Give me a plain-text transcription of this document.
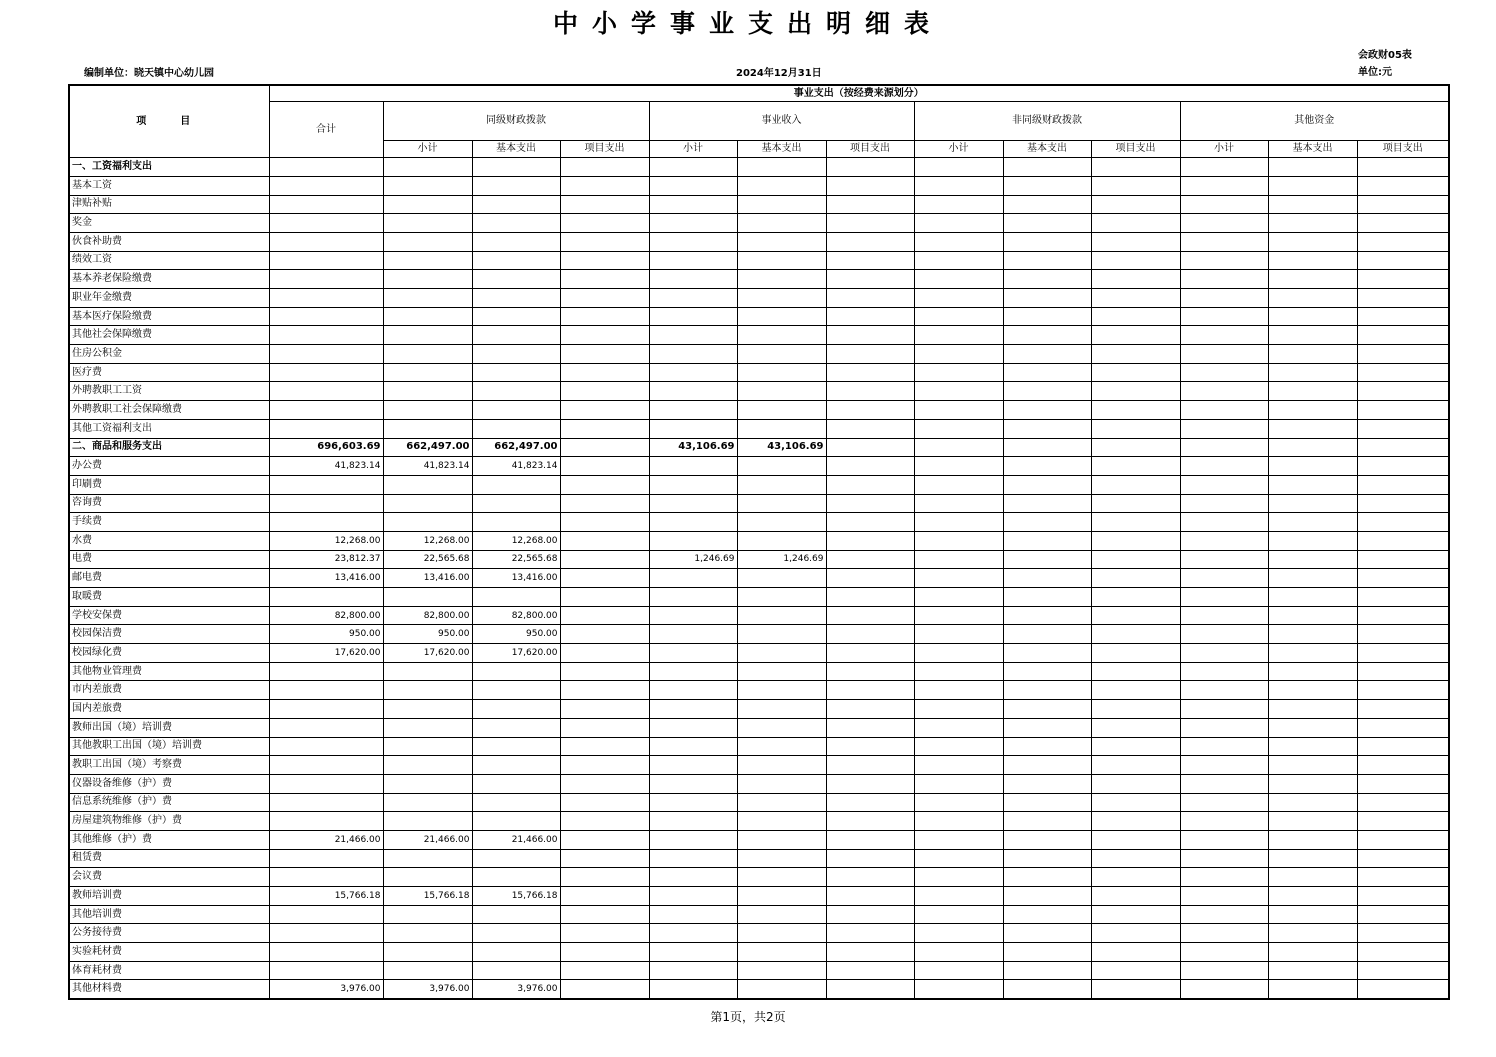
中小学事业支出明细表
会政财05表
编制单位：晓天镇中心幼儿园	2024年12月31日	单位:元
项　目	事业支出（按经费来源划分）												
	合计	同级财政拨款			事业收入			非同级财政拨款			其他资金		
		小计	基本支出	项目支出	小计	基本支出	项目支出	小计	基本支出	项目支出	小计	基本支出	项目支出
一、工资福利支出													
基本工资													
津贴补贴													
奖金													
伙食补助费													
绩效工资													
基本养老保险缴费													
职业年金缴费													
基本医疗保险缴费													
其他社会保障缴费													
住房公积金													
医疗费													
外聘教职工工资													
外聘教职工社会保障缴费													
其他工资福利支出													
二、商品和服务支出	696,603.69	662,497.00	662,497.00		43,106.69	43,106.69							
办公费	41,823.14	41,823.14	41,823.14										
印刷费													
咨询费													
手续费													
水费	12,268.00	12,268.00	12,268.00										
电费	23,812.37	22,565.68	22,565.68		1,246.69	1,246.69							
邮电费	13,416.00	13,416.00	13,416.00										
取暖费													
学校安保费	82,800.00	82,800.00	82,800.00										
校园保洁费	950.00	950.00	950.00										
校园绿化费	17,620.00	17,620.00	17,620.00										
其他物业管理费													
市内差旅费													
国内差旅费													
教师出国（境）培训费													
其他教职工出国（境）培训费													
教职工出国（境）考察费													
仪器设备维修（护）费													
信息系统维修（护）费													
房屋建筑物维修（护）费													
其他维修（护）费	21,466.00	21,466.00	21,466.00										
租赁费													
会议费													
教师培训费	15,766.18	15,766.18	15,766.18										
其他培训费													
公务接待费													
实验耗材费													
体育耗材费													
其他材料费	3,976.00	3,976.00	3,976.00										
第1页，共2页
